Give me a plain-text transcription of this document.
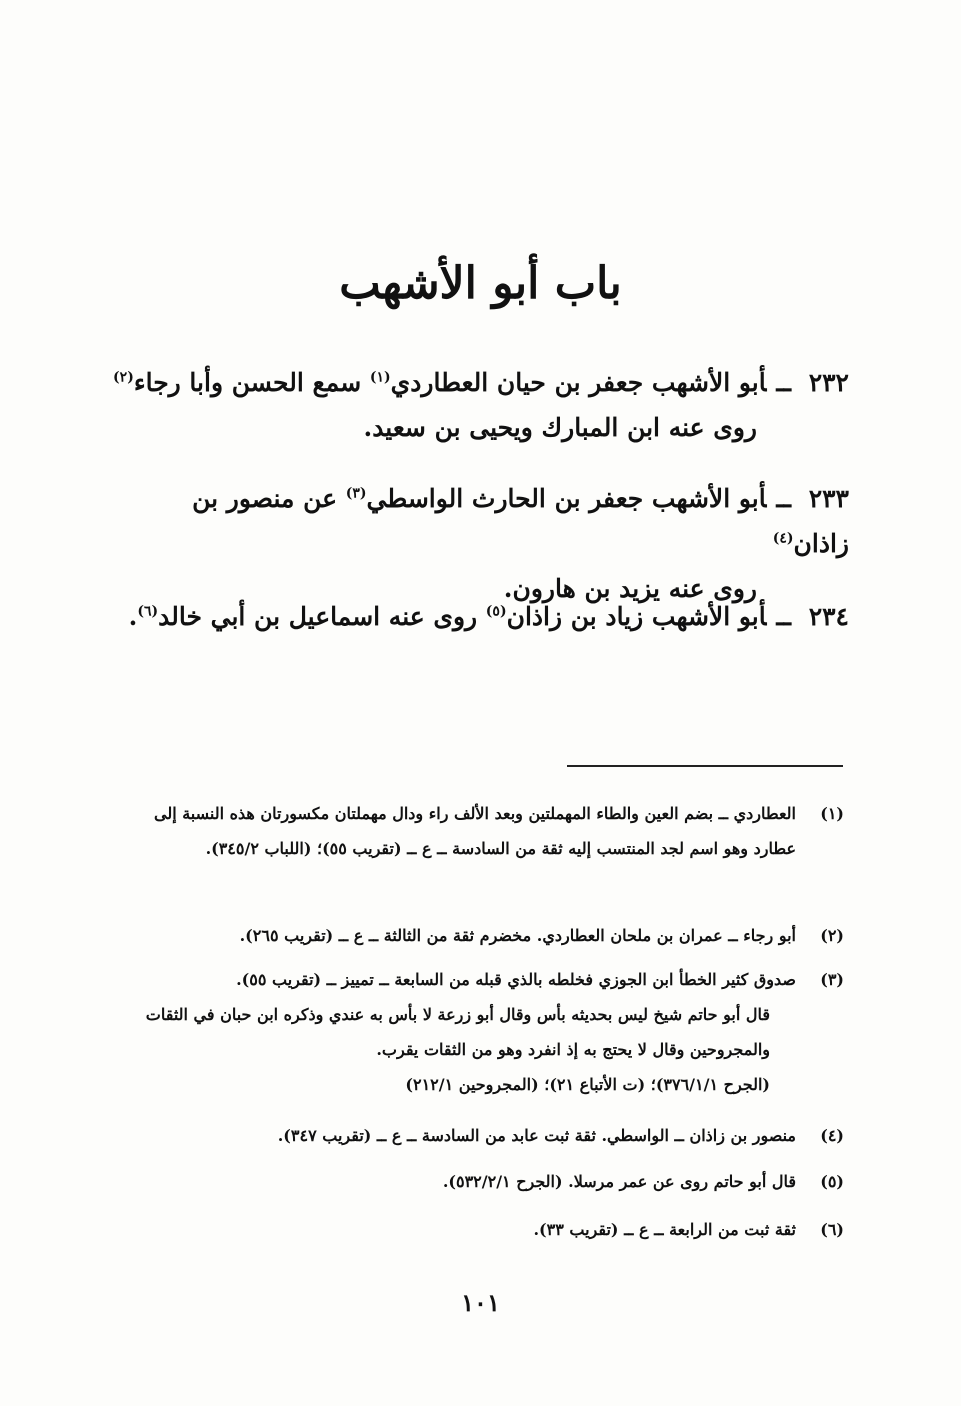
باب أبو الأشهب
٢٣٢ــأبو الأشهب جعفر بن حيان العطاردي$^{(١)}$ سمع الحسن وأبا رجاء$^{(٢)}$
روى عنه ابن المبارك ويحيى بن سعيد.
٢٣٣ــأبو الأشهب جعفر بن الحارث الواسطي$^{(٣)}$ عن منصور بن زاذان$^{(٤)}$
روى عنه يزيد بن هارون.
٢٣٤ــأبو الأشهب زياد بن زاذان$^{(٥)}$ روى عنه اسماعيل بن أبي خالد$^{(٦)}$.
(١)
العطاردي ــ بضم العين والطاء المهملتين وبعد الألف راء ودال مهملتان مكسورتان هذه النسبة إلى عطارد وهو اسم لجد المنتسب إليه ثقة من السادسة ــ ع ــ (تقريب ٥٥)؛ (اللباب ٣٤٥/٢).
(٢)
أبو رجاء ــ عمران بن ملحان العطاردي. مخضرم ثقة من الثالثة ــ ع ــ (تقريب ٢٦٥).
(٣)
صدوق كثير الخطأ ابن الجوزي فخلطه بالذي قبله من السابعة ــ تمييز ــ (تقريب ٥٥).
قال أبو حاتم شيخ ليس بحديثه بأس وقال أبو زرعة لا بأس به عندي وذكره ابن حبان في الثقات والمجروحين وقال لا يحتج به إذ انفرد وهو من الثقات يقرب.
(الجرح ٣٧٦/١/١)؛ (ت الأتباع ٢١)؛ (المجروحين ٢١٢/١)
(٤)
منصور بن زاذان ــ الواسطي. ثقة ثبت عابد من السادسة ــ ع ــ (تقريب ٣٤٧).
(٥)
قال أبو حاتم روى عن عمر مرسلا. (الجرح ٥٣٢/٢/١).
(٦)
ثقة ثبت من الرابعة ــ ع ــ (تقريب ٣٣).
١٠١
